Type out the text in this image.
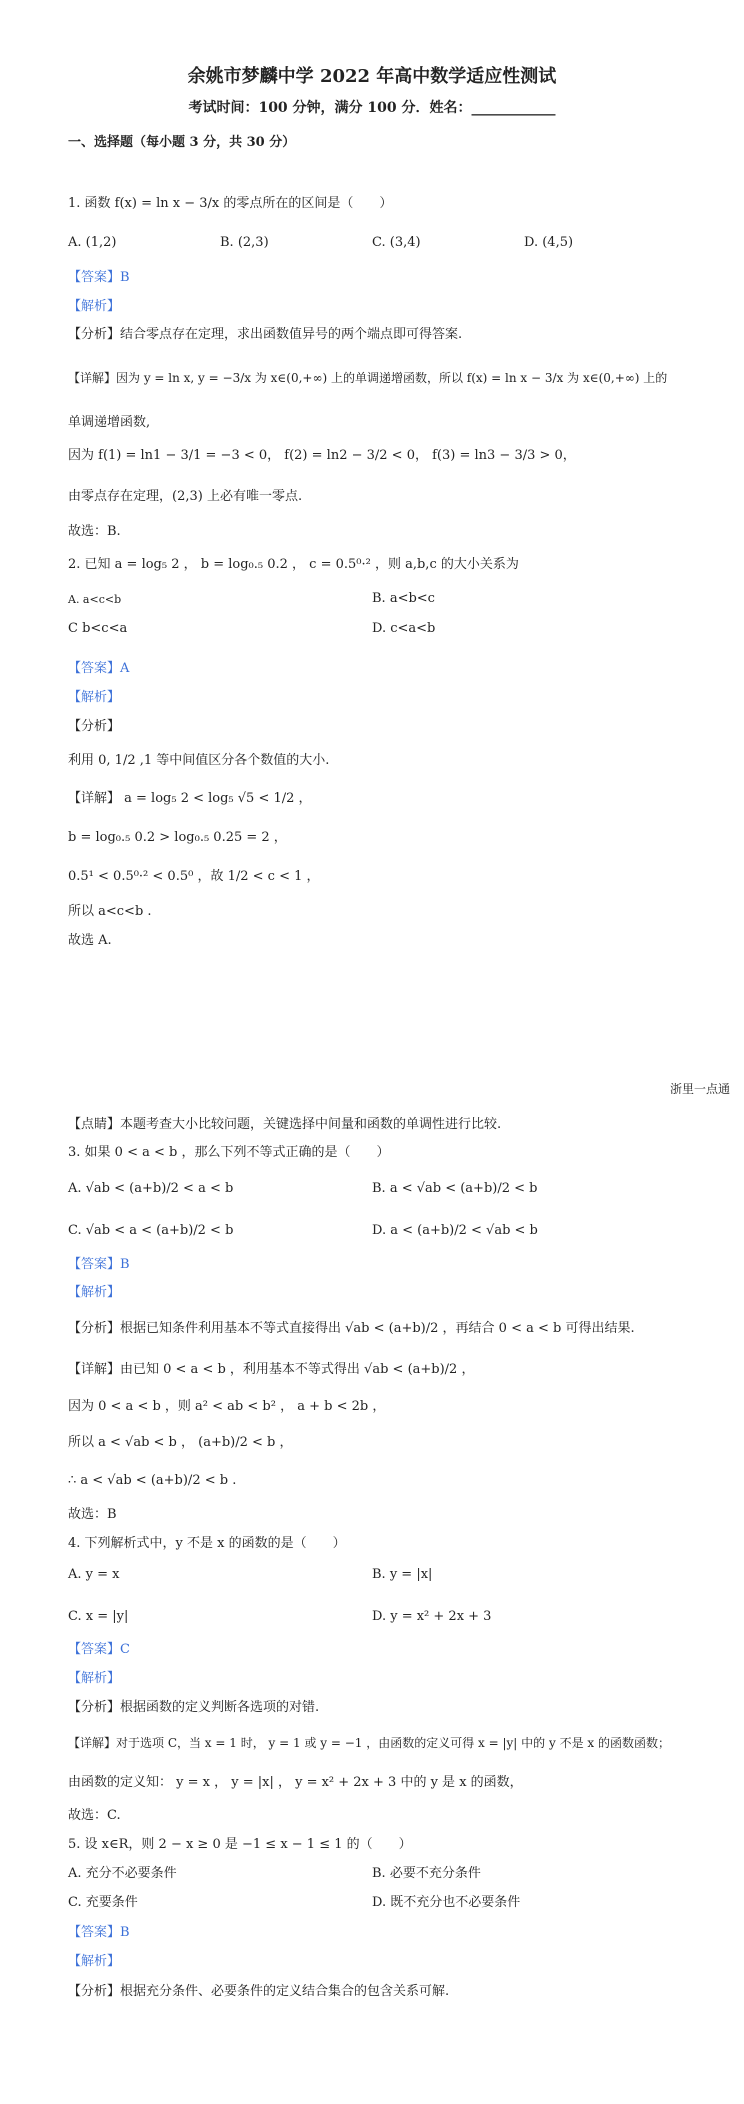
余姚市梦麟中学 2022 年高中数学适应性测试
考试时间：100 分钟，满分 100 分．姓名：____________
一、选择题（每小题 3 分，共 30 分）
1. 函数 f(x) = ln x − 3/x 的零点所在的区间是（　　）
A. (1,2)	B. (2,3)	C. (3,4)	D. (4,5)
【答案】B
【解析】
【分析】结合零点存在定理，求出函数值异号的两个端点即可得答案.
【详解】因为 y = ln x, y = −3/x 为 x∈(0,+∞) 上的单调递增函数，所以 f(x) = ln x − 3/x 为 x∈(0,+∞) 上的
单调递增函数,
因为 f(1) = ln1 − 3/1 = −3 < 0， f(2) = ln2 − 3/2 < 0， f(3) = ln3 − 3/3 > 0，
由零点存在定理，(2,3) 上必有唯一零点.
故选：B.
2. 已知 a = log₅ 2 ， b = log₀.₅ 0.2 ， c = 0.5⁰·² ，则 a,b,c 的大小关系为
A. a<c<b	B. a<b<c
C b<c<a	D. c<a<b
【答案】A
【解析】
【分析】
利用 0, 1/2 ,1 等中间值区分各个数值的大小.
【详解】 a = log₅ 2 < log₅ √5 < 1/2 ，
b = log₀.₅ 0.2 > log₀.₅ 0.25 = 2 ，
0.5¹ < 0.5⁰·² < 0.5⁰ ，故 1/2 < c < 1 ，
所以 a<c<b .
故选 A.
浙里一点通
【点睛】本题考查大小比较问题，关键选择中间量和函数的单调性进行比较.
3. 如果 0 < a < b ，那么下列不等式正确的是（　　）
A. √ab < (a+b)/2 < a < b	B. a < √ab < (a+b)/2 < b
C. √ab < a < (a+b)/2 < b	D. a < (a+b)/2 < √ab < b
【答案】B
【解析】
【分析】根据已知条件利用基本不等式直接得出 √ab < (a+b)/2 ，再结合 0 < a < b 可得出结果.
【详解】由已知 0 < a < b ，利用基本不等式得出 √ab < (a+b)/2 ，
因为 0 < a < b ，则 a² < ab < b² ， a + b < 2b ，
所以 a < √ab < b ， (a+b)/2 < b ，
∴ a < √ab < (a+b)/2 < b .
故选：B
4. 下列解析式中，y 不是 x 的函数的是（　　）
A. y = x	B. y = |x|
C. x = |y|	D. y = x² + 2x + 3
【答案】C
【解析】
【分析】根据函数的定义判断各选项的对错.
【详解】对于选项 C，当 x = 1 时， y = 1 或 y = −1 ，由函数的定义可得 x = |y| 中的 y 不是 x 的函数函数；
由函数的定义知： y = x ， y = |x| ， y = x² + 2x + 3 中的 y 是 x 的函数，
故选：C.
5. 设 x∈R，则 2 − x ≥ 0 是 −1 ≤ x − 1 ≤ 1 的（　　）
A. 充分不必要条件	B. 必要不充分条件
C. 充要条件	D. 既不充分也不必要条件
【答案】B
【解析】
【分析】根据充分条件、必要条件的定义结合集合的包含关系可解.
